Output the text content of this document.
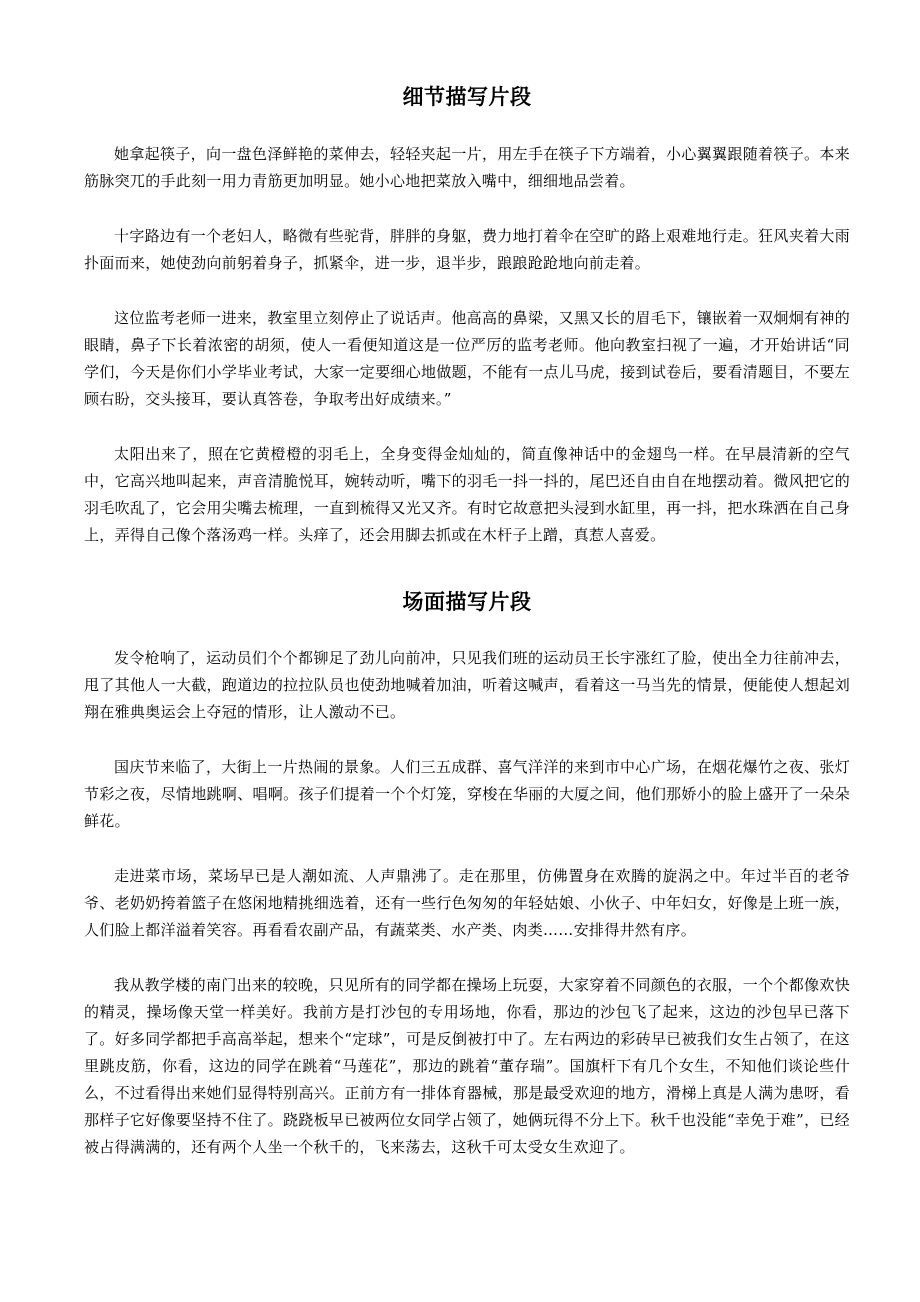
细节描写片段

她拿起筷子，向一盘色泽鲜艳的菜伸去，轻轻夹起一片，用左手在筷子下方端着，小心翼翼跟随着筷子。本来筋脉突兀的手此刻一用力青筋更加明显。她小心地把菜放入嘴中，细细地品尝着。

十字路边有一个老妇人，略微有些驼背，胖胖的身躯，费力地打着伞在空旷的路上艰难地行走。狂风夹着大雨扑面而来，她使劲向前躬着身子，抓紧伞，进一步，退半步，踉踉跄跄地向前走着。

这位监考老师一进来，教室里立刻停止了说话声。他高高的鼻梁，又黑又长的眉毛下，镶嵌着一双炯炯有神的眼睛，鼻子下长着浓密的胡须，使人一看便知道这是一位严厉的监考老师。他向教室扫视了一遍，才开始讲话“同学们，今天是你们小学毕业考试，大家一定要细心地做题，不能有一点儿马虎，接到试卷后，要看清题目，不要左顾右盼，交头接耳，要认真答卷，争取考出好成绩来。”

太阳出来了，照在它黄橙橙的羽毛上，全身变得金灿灿的，简直像神话中的金翅鸟一样。在早晨清新的空气中，它高兴地叫起来，声音清脆悦耳，婉转动听，嘴下的羽毛一抖一抖的，尾巴还自由自在地摆动着。微风把它的羽毛吹乱了，它会用尖嘴去梳理，一直到梳得又光又齐。有时它故意把头浸到水缸里，再一抖，把水珠洒在自己身上，弄得自己像个落汤鸡一样。头痒了，还会用脚去抓或在木杆子上蹭，真惹人喜爱。

场面描写片段

发令枪响了，运动员们个个都铆足了劲儿向前冲，只见我们班的运动员王长宇涨红了脸，使出全力往前冲去，甩了其他人一大截，跑道边的拉拉队员也使劲地喊着加油，听着这喊声，看着这一马当先的情景，便能使人想起刘翔在雅典奥运会上夺冠的情形，让人激动不已。

国庆节来临了，大街上一片热闹的景象。人们三五成群、喜气洋洋的来到市中心广场，在烟花爆竹之夜、张灯节彩之夜，尽情地跳啊、唱啊。孩子们提着一个个灯笼，穿梭在华丽的大厦之间，他们那娇小的脸上盛开了一朵朵鲜花。

走进菜市场，菜场早已是人潮如流、人声鼎沸了。走在那里，仿佛置身在欢腾的旋涡之中。年过半百的老爷爷、老奶奶挎着篮子在悠闲地精挑细选着，还有一些行色匆匆的年轻姑娘、小伙子、中年妇女，好像是上班一族，人们脸上都洋溢着笑容。再看看农副产品，有蔬菜类、水产类、肉类……安排得井然有序。

我从教学楼的南门出来的较晚，只见所有的同学都在操场上玩耍，大家穿着不同颜色的衣服，一个个都像欢快的精灵，操场像天堂一样美好。我前方是打沙包的专用场地，你看，那边的沙包飞了起来，这边的沙包早已落下了。好多同学都把手高高举起，想来个“定球”，可是反倒被打中了。左右两边的彩砖早已被我们女生占领了，在这里跳皮筋，你看，这边的同学在跳着“马莲花”，那边的跳着“董存瑞”。国旗杆下有几个女生，不知他们谈论些什么，不过看得出来她们显得特别高兴。正前方有一排体育器械，那是最受欢迎的地方，滑梯上真是人满为患呀，看那样子它好像要坚持不住了。跷跷板早已被两位女同学占领了，她俩玩得不分上下。秋千也没能“幸免于难”，已经被占得满满的，还有两个人坐一个秋千的，飞来荡去，这秋千可太受女生欢迎了。
